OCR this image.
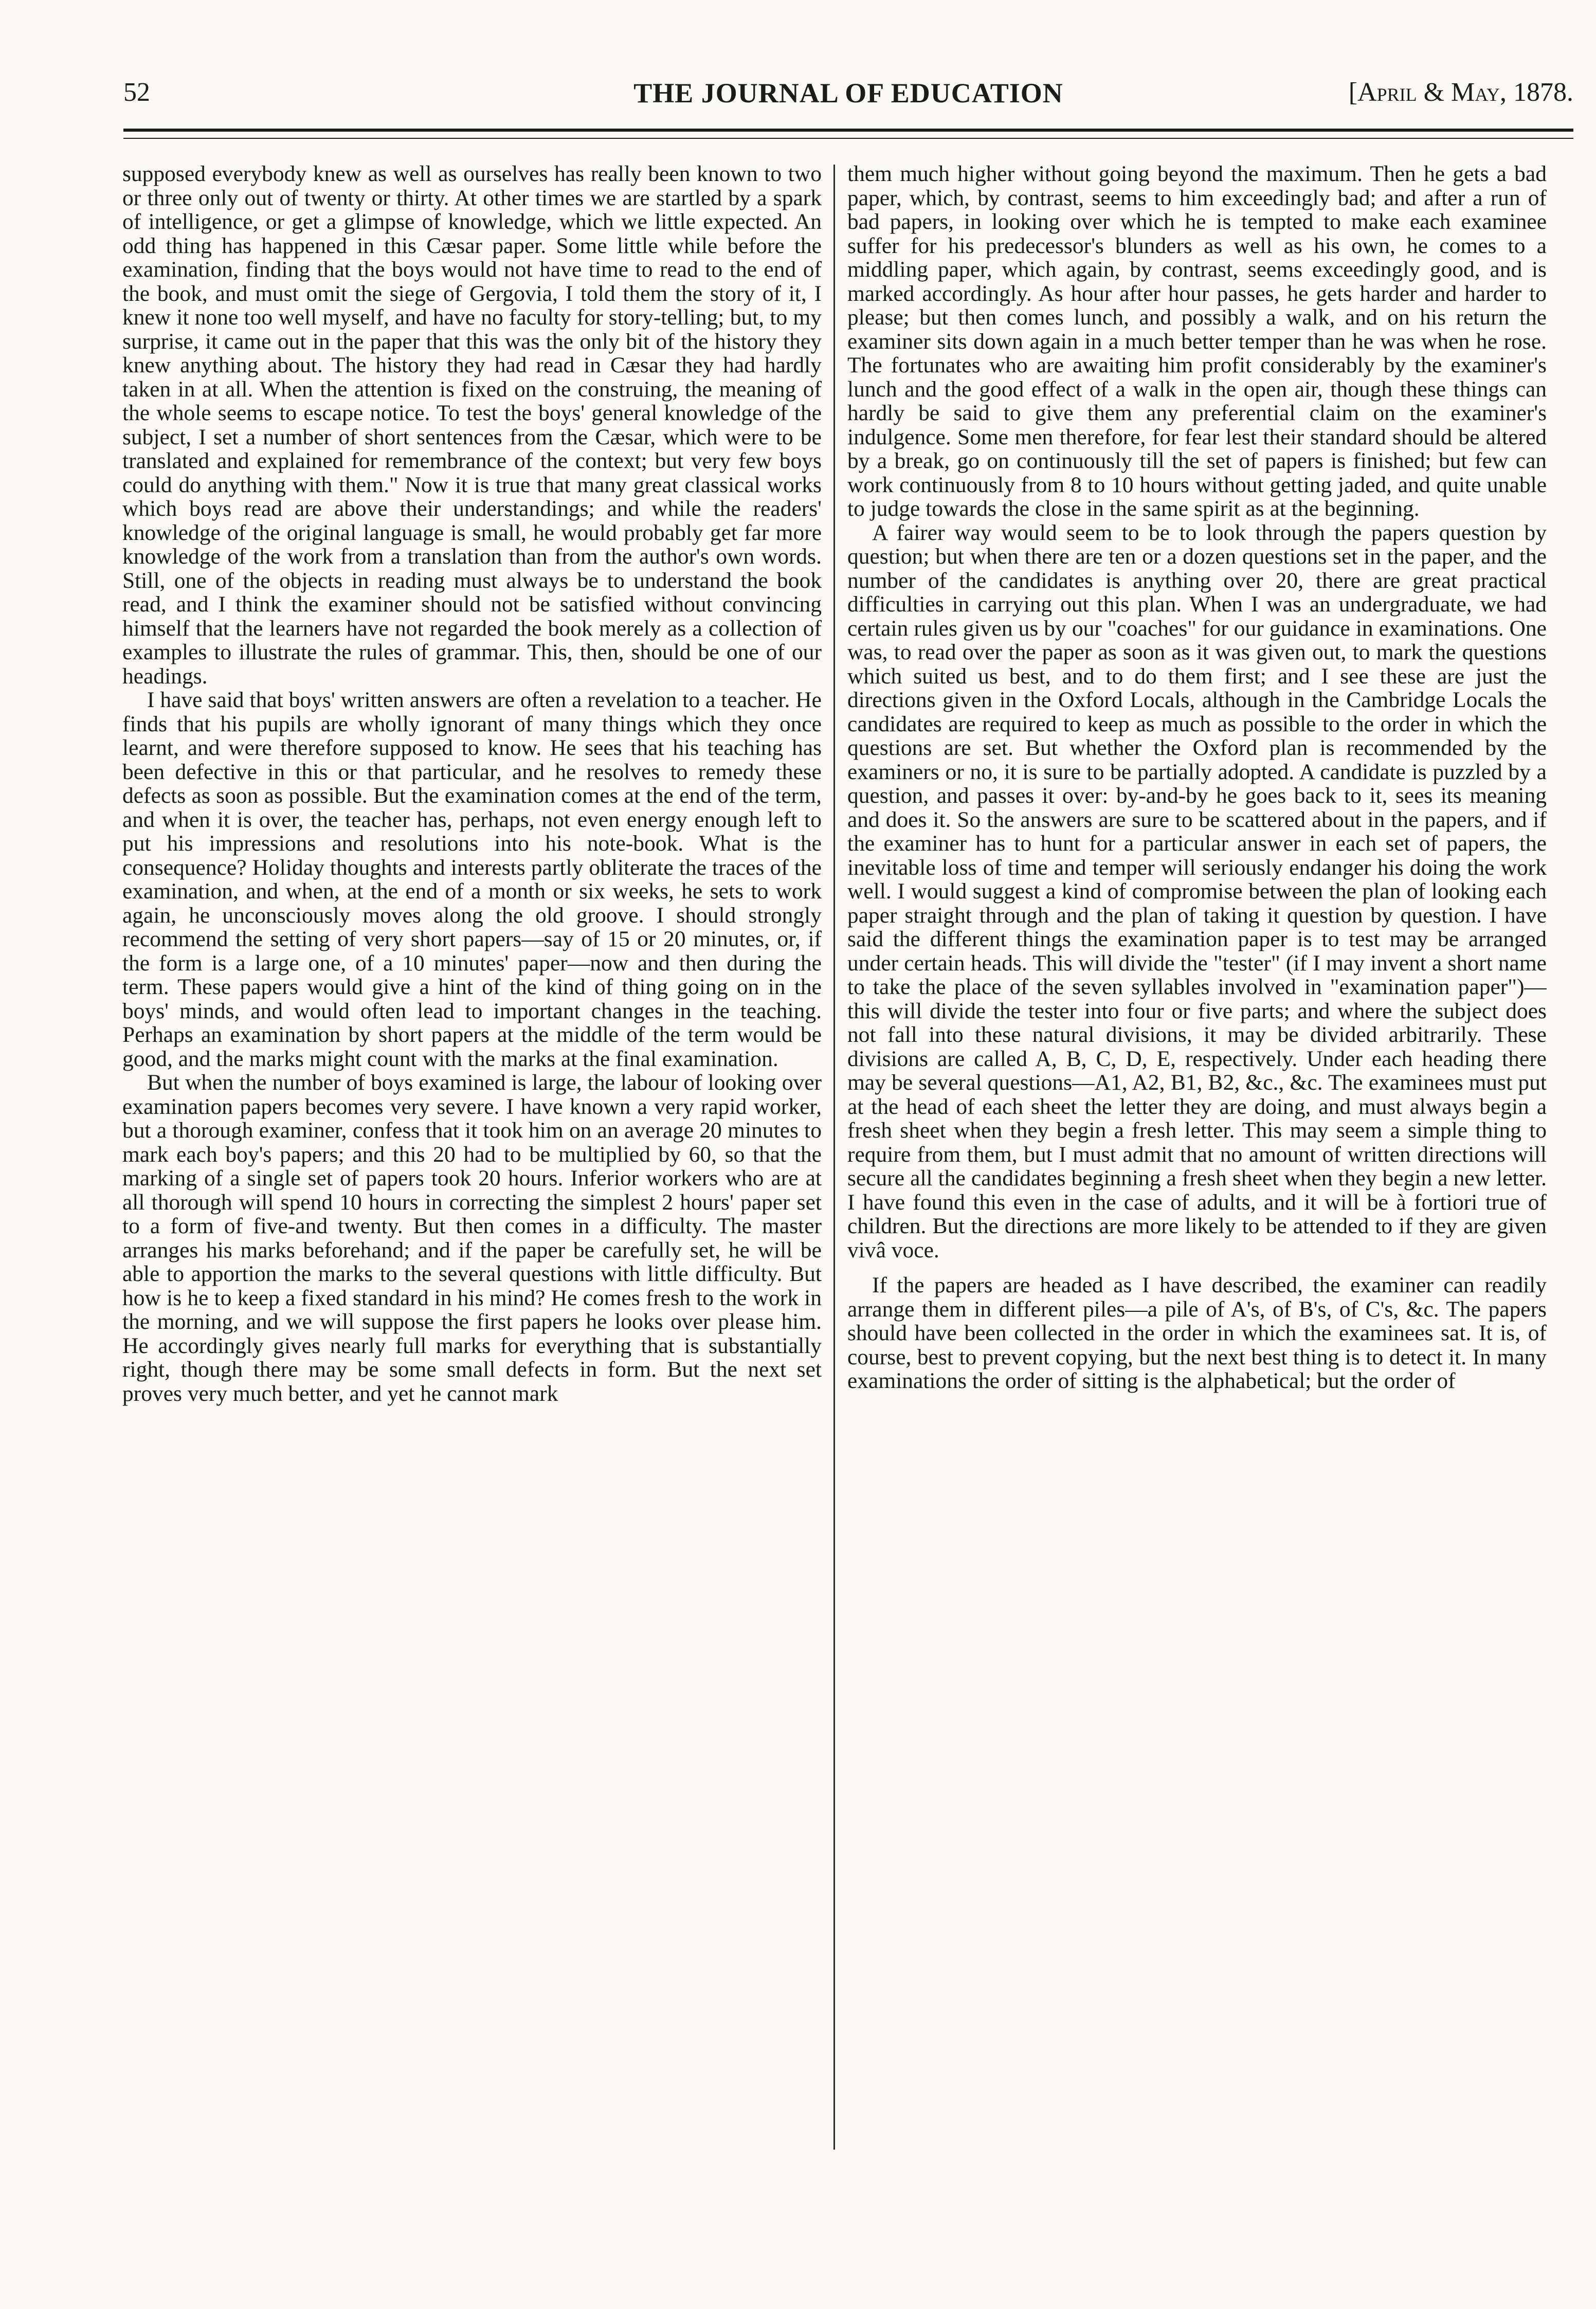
52	THE JOURNAL OF EDUCATION	[April & May, 1878.

supposed everybody knew as well as ourselves has really been known to two or three only out of twenty or thirty. At other times we are startled by a spark of intelligence, or get a glimpse of knowledge, which we little expected. An odd thing has happened in this Cæsar paper. Some little while before the examination, finding that the boys would not have time to read to the end of the book, and must omit the siege of Gergovia, I told them the story of it, I knew it none too well myself, and have no faculty for story-telling; but, to my surprise, it came out in the paper that this was the only bit of the history they knew anything about. The history they had read in Cæsar they had hardly taken in at all. When the attention is fixed on the construing, the meaning of the whole seems to escape notice. To test the boys' general knowledge of the subject, I set a number of short sentences from the Cæsar, which were to be translated and explained for remembrance of the context; but very few boys could do anything with them." Now it is true that many great classical works which boys read are above their understandings; and while the readers' knowledge of the original language is small, he would probably get far more knowledge of the work from a translation than from the author's own words. Still, one of the objects in reading must always be to understand the book read, and I think the examiner should not be satisfied without convincing himself that the learners have not regarded the book merely as a collection of examples to illustrate the rules of grammar. This, then, should be one of our headings.

I have said that boys' written answers are often a revelation to a teacher. He finds that his pupils are wholly ignorant of many things which they once learnt, and were therefore supposed to know. He sees that his teaching has been defective in this or that particular, and he resolves to remedy these defects as soon as possible. But the examination comes at the end of the term, and when it is over, the teacher has, perhaps, not even energy enough left to put his impressions and resolutions into his note-book. What is the consequence? Holiday thoughts and interests partly obliterate the traces of the examination, and when, at the end of a month or six weeks, he sets to work again, he unconsciously moves along the old groove. I should strongly recommend the setting of very short papers—say of 15 or 20 minutes, or, if the form is a large one, of a 10 minutes' paper—now and then during the term. These papers would give a hint of the kind of thing going on in the boys' minds, and would often lead to important changes in the teaching. Perhaps an examination by short papers at the middle of the term would be good, and the marks might count with the marks at the final examination.

But when the number of boys examined is large, the labour of looking over examination papers becomes very severe. I have known a very rapid worker, but a thorough examiner, confess that it took him on an average 20 minutes to mark each boy's papers; and this 20 had to be multiplied by 60, so that the marking of a single set of papers took 20 hours. Inferior workers who are at all thorough will spend 10 hours in correcting the simplest 2 hours' paper set to a form of five-and twenty. But then comes in a difficulty. The master arranges his marks beforehand; and if the paper be carefully set, he will be able to apportion the marks to the several questions with little difficulty. But how is he to keep a fixed standard in his mind? He comes fresh to the work in the morning, and we will suppose the first papers he looks over please him. He accordingly gives nearly full marks for everything that is substantially right, though there may be some small defects in form. But the next set proves very much better, and yet he cannot mark

them much higher without going beyond the maximum. Then he gets a bad paper, which, by contrast, seems to him exceedingly bad; and after a run of bad papers, in looking over which he is tempted to make each examinee suffer for his predecessor's blunders as well as his own, he comes to a middling paper, which again, by contrast, seems exceedingly good, and is marked accordingly. As hour after hour passes, he gets harder and harder to please; but then comes lunch, and possibly a walk, and on his return the examiner sits down again in a much better temper than he was when he rose. The fortunates who are awaiting him profit considerably by the examiner's lunch and the good effect of a walk in the open air, though these things can hardly be said to give them any preferential claim on the examiner's indulgence. Some men therefore, for fear lest their standard should be altered by a break, go on continuously till the set of papers is finished; but few can work continuously from 8 to 10 hours without getting jaded, and quite unable to judge towards the close in the same spirit as at the beginning.

A fairer way would seem to be to look through the papers question by question; but when there are ten or a dozen questions set in the paper, and the number of the candidates is anything over 20, there are great practical difficulties in carrying out this plan. When I was an undergraduate, we had certain rules given us by our "coaches" for our guidance in examinations. One was, to read over the paper as soon as it was given out, to mark the questions which suited us best, and to do them first; and I see these are just the directions given in the Oxford Locals, although in the Cambridge Locals the candidates are required to keep as much as possible to the order in which the questions are set. But whether the Oxford plan is recommended by the examiners or no, it is sure to be partially adopted. A candidate is puzzled by a question, and passes it over: by-and-by he goes back to it, sees its meaning and does it. So the answers are sure to be scattered about in the papers, and if the examiner has to hunt for a particular answer in each set of papers, the inevitable loss of time and temper will seriously endanger his doing the work well. I would suggest a kind of compromise between the plan of looking each paper straight through and the plan of taking it question by question. I have said the different things the examination paper is to test may be arranged under certain heads. This will divide the "tester" (if I may invent a short name to take the place of the seven syllables involved in "examination paper")—this will divide the tester into four or five parts; and where the subject does not fall into these natural divisions, it may be divided arbitrarily. These divisions are called A, B, C, D, E, respectively. Under each heading there may be several questions—A1, A2, B1, B2, &c., &c. The examinees must put at the head of each sheet the letter they are doing, and must always begin a fresh sheet when they begin a fresh letter. This may seem a simple thing to require from them, but I must admit that no amount of written directions will secure all the candidates beginning a fresh sheet when they begin a new letter. I have found this even in the case of adults, and it will be à fortiori true of children. But the directions are more likely to be attended to if they are given vivâ voce.

If the papers are headed as I have described, the examiner can readily arrange them in different piles—a pile of A's, of B's, of C's, &c. The papers should have been collected in the order in which the examinees sat. It is, of course, best to prevent copying, but the next best thing is to detect it. In many examinations the order of sitting is the alphabetical; but the order of
